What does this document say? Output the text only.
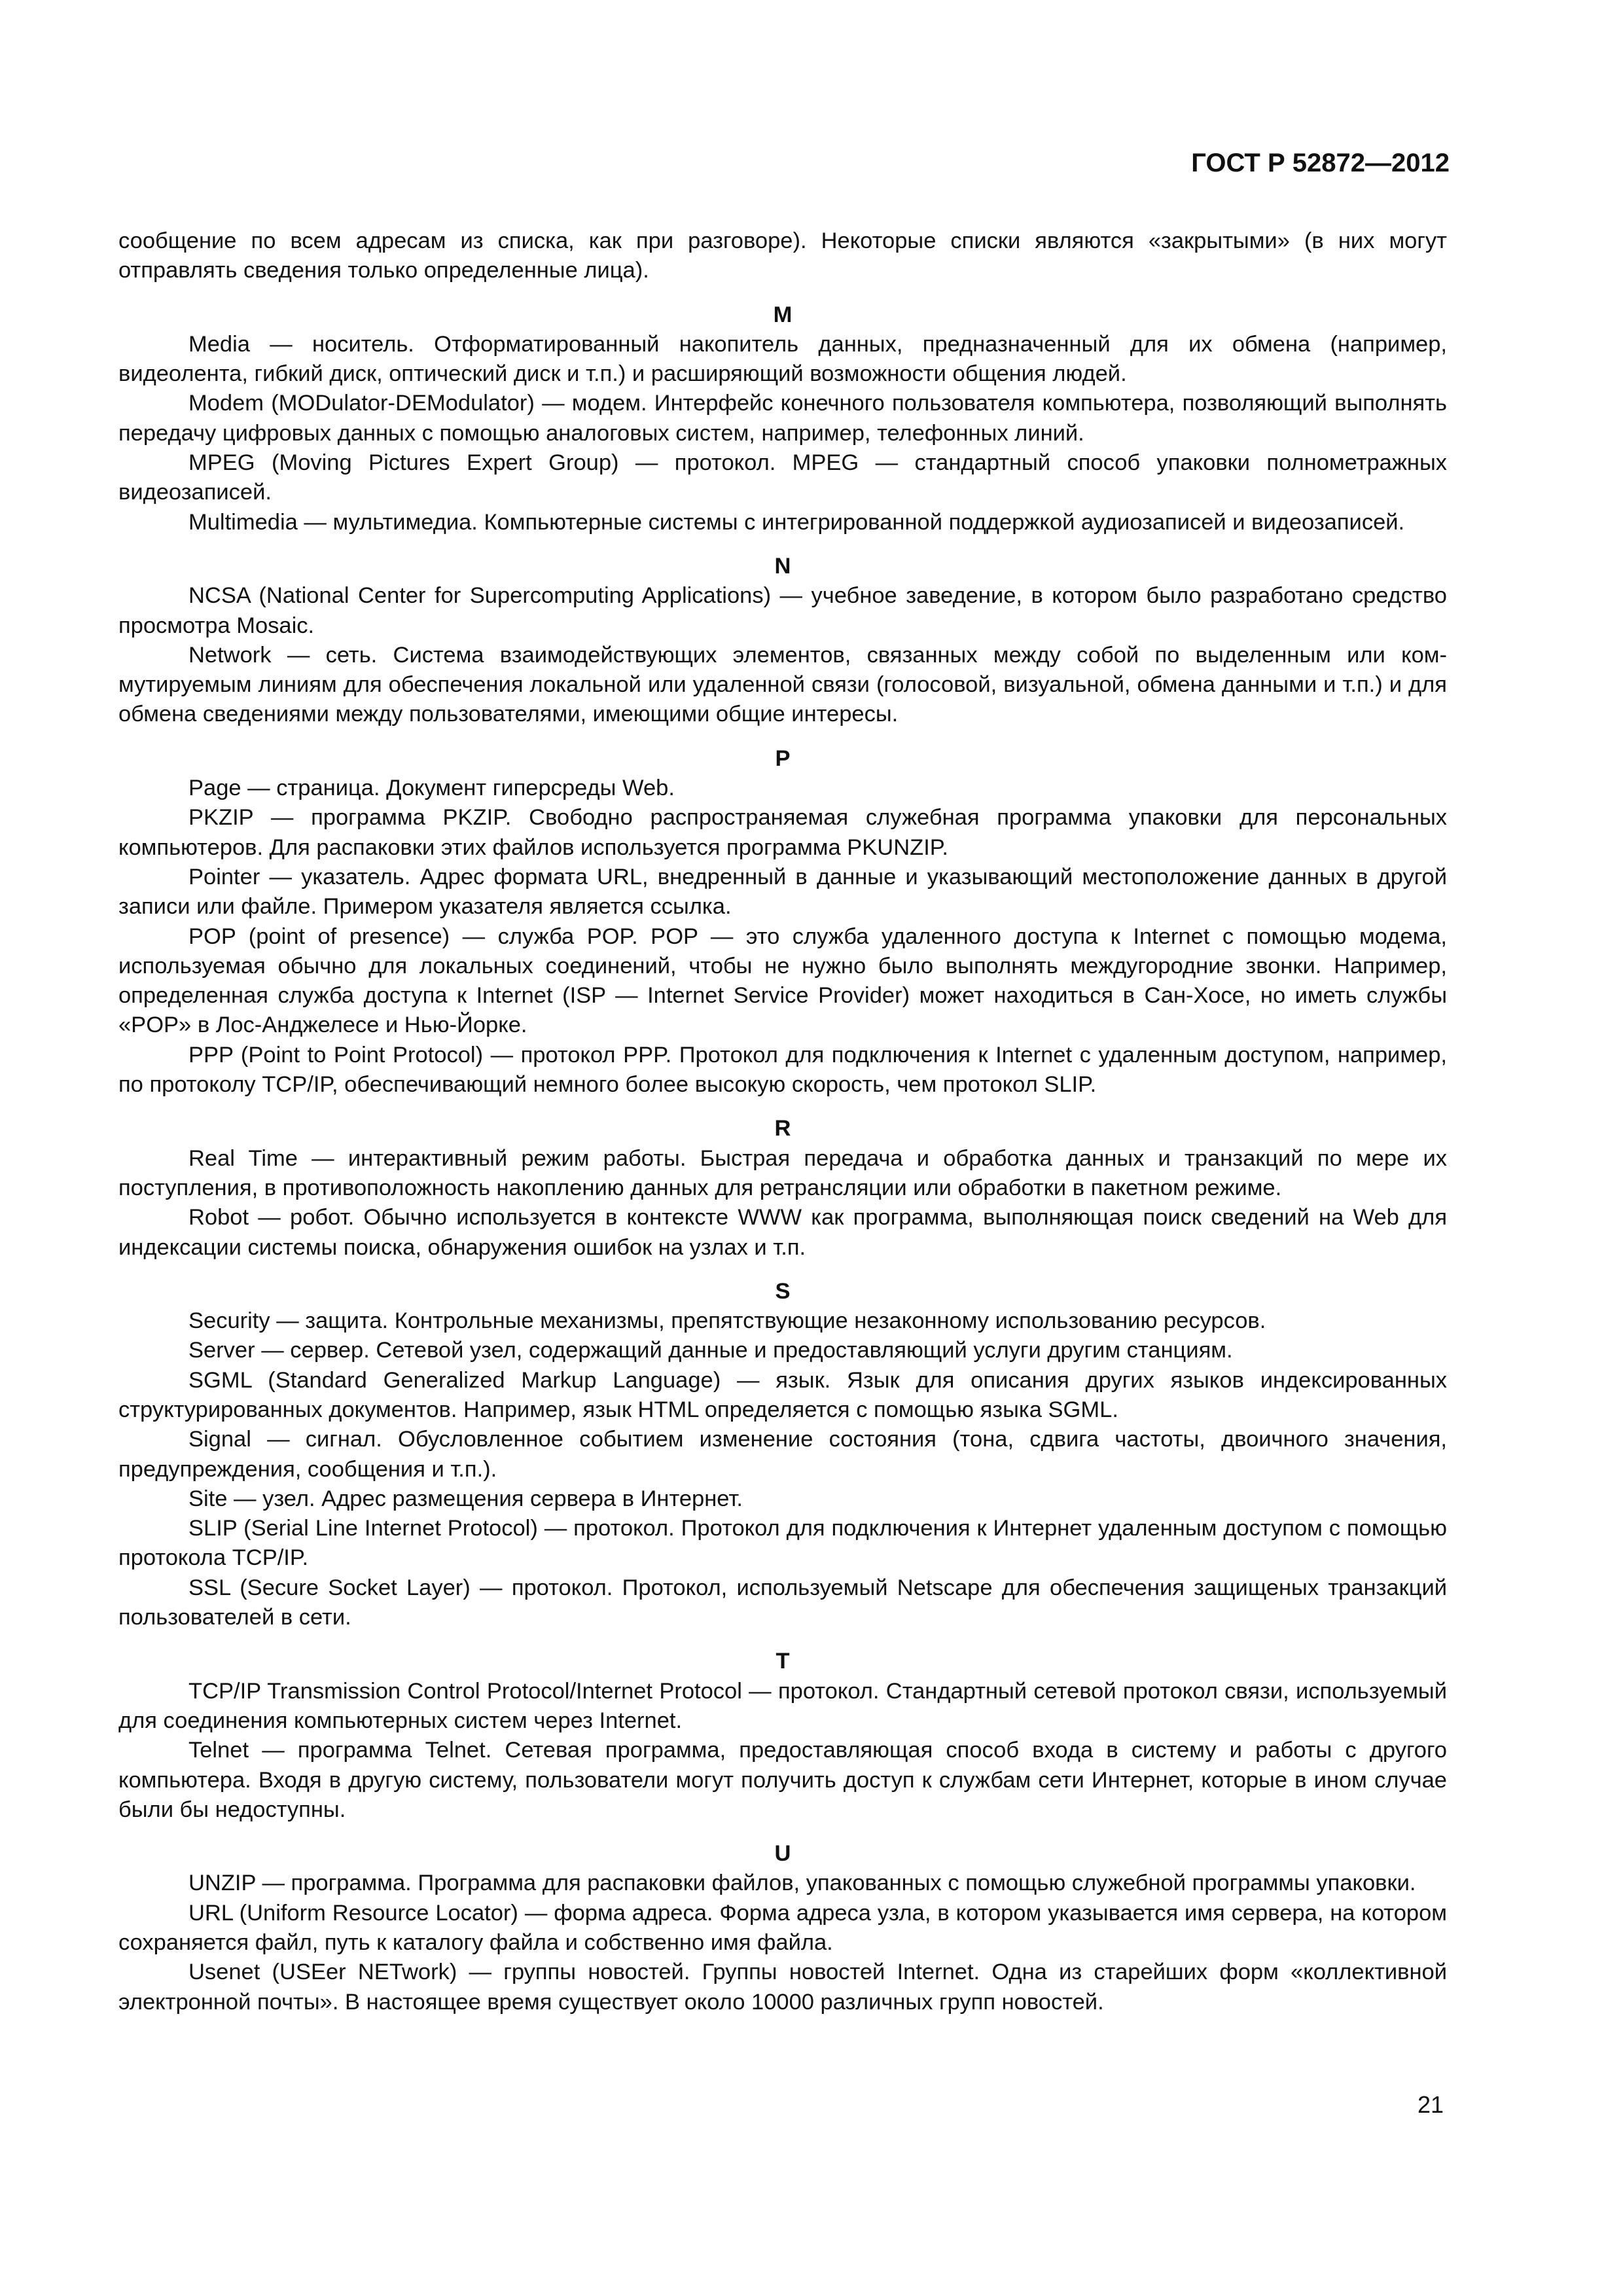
ГОСТ Р 52872—2012

сообщение по всем адресам из списка, как при разговоре). Некоторые списки являются «закрытыми» (в них могут отправлять сведения только определенные лица).

M

Media — носитель. Отформатированный накопитель данных, предназначенный для их обмена (например, видеолента, гибкий диск, оптический диск и т.п.) и расширяющий возможности общения людей.

Modem (MODulator-DEModulator) — модем. Интерфейс конечного пользователя компьютера, позволяющий выполнять передачу цифровых данных с помощью аналоговых систем, например, телефонных линий.

MPEG (Moving Pictures Expert Group) — протокол. MPEG — стандартный способ упаковки полнометражных видеозаписей.

Multimedia — мультимедиа. Компьютерные системы с интегрированной поддержкой аудиозаписей и видеозаписей.

N

NCSA (National Center for Supercomputing Applications) — учебное заведение, в котором было разработано средство просмотра Mosaic.

Network — сеть. Система взаимодействующих элементов, связанных между собой по выделенным или коммутируемым линиям для обеспечения локальной или удаленной связи (голосовой, визуальной, обмена данными и т.п.) и для обмена сведениями между пользователями, имеющими общие интересы.

P

Page — страница. Документ гиперсреды Web.

PKZIP — программа PKZIP. Свободно распространяемая служебная программа упаковки для персональных компьютеров. Для распаковки этих файлов используется программа PKUNZIP.

Pointer — указатель. Адрес формата URL, внедренный в данные и указывающий местоположение данных в другой записи или файле. Примером указателя является ссылка.

POP (point of presence) — служба POP. POP — это служба удаленного доступа к Internet с помощью модема, используемая обычно для локальных соединений, чтобы не нужно было выполнять междугородние звонки. Например, определенная служба доступа к Internet (ISP — Internet Service Provider) может находиться в Сан-Хосе, но иметь службы «POP» в Лос-Анджелесе и Нью-Йорке.

PPP (Point to Point Protocol) — протокол PPP. Протокол для подключения к Internet с удаленным доступом, например, по протоколу TCP/IP, обеспечивающий немного более высокую скорость, чем протокол SLIP.

R

Real Time — интерактивный режим работы. Быстрая передача и обработка данных и транзакций по мере их поступления, в противоположность накоплению данных для ретрансляции или обработки в пакетном режиме.

Robot — робот. Обычно используется в контексте WWW как программа, выполняющая поиск сведений на Web для индексации системы поиска, обнаружения ошибок на узлах и т.п.

S

Security — защита. Контрольные механизмы, препятствующие незаконному использованию ресурсов.

Server — сервер. Сетевой узел, содержащий данные и предоставляющий услуги другим станциям.

SGML (Standard Generalized Markup Language) — язык. Язык для описания других языков индексированных структурированных документов. Например, язык HTML определяется с помощью языка SGML.

Signal — сигнал. Обусловленное событием изменение состояния (тона, сдвига частоты, двоичного значения, предупреждения, сообщения и т.п.).

Site — узел. Адрес размещения сервера в Интернет.

SLIP (Serial Line Internet Protocol) — протокол. Протокол для подключения к Интернет удаленным доступом с помощью протокола TCP/IP.

SSL (Secure Socket Layer) — протокол. Протокол, используемый Netscape для обеспечения защищеных транзакций пользователей в сети.

T

TCP/IP Transmission Control Protocol/Internet Protocol — протокол. Стандартный сетевой протокол связи, используемый для соединения компьютерных систем через Internet.

Telnet — программа Telnet. Сетевая программа, предоставляющая способ входа в систему и работы с другого компьютера. Входя в другую систему, пользователи могут получить доступ к службам сети Интернет, которые в ином случае были бы недоступны.

U

UNZIP — программа. Программа для распаковки файлов, упакованных с помощью служебной программы упаковки.

URL (Uniform Resource Locator) — форма адреса. Форма адреса узла, в котором указывается имя сервера, на котором сохраняется файл, путь к каталогу файла и собственно имя файла.

Usenet (USEer NETwork) — группы новостей. Группы новостей Internet. Одна из старейших форм «коллективной электронной почты». В настоящее время существует около 10000 различных групп новостей.

21
